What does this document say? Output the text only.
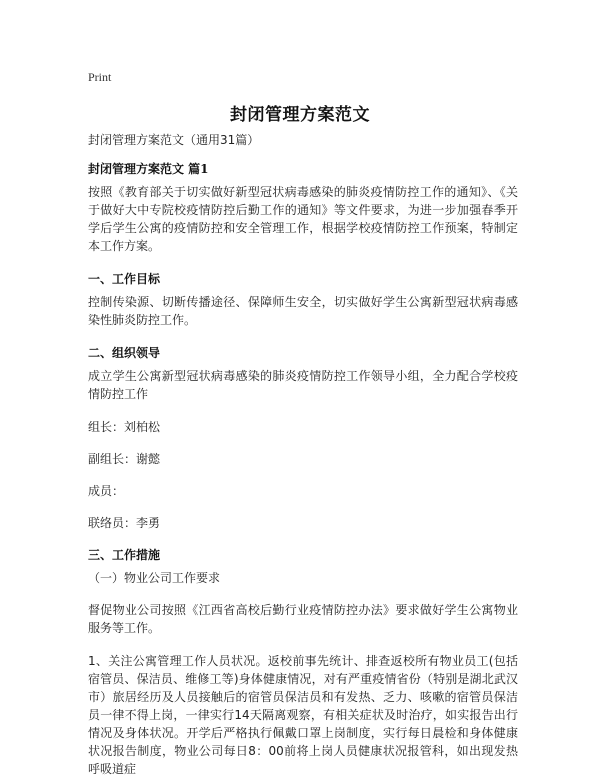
Print
封闭管理方案范文

封闭管理方案范文（通用31篇）

封闭管理方案范文 篇1

按照《教育部关于切实做好新型冠状病毒感染的肺炎疫情防控工作的通知》、《关于做好大中专院校疫情防控后勤工作的通知》等文件要求，为进一步加强春季开学后学生公寓的疫情防控和安全管理工作，根据学校疫情防控工作预案，特制定本工作方案。

一、工作目标

控制传染源、切断传播途径、保障师生安全，切实做好学生公寓新型冠状病毒感染性肺炎防控工作。

二、组织领导

成立学生公寓新型冠状病毒感染的肺炎疫情防控工作领导小组，全力配合学校疫情防控工作

组长：刘柏松

副组长：谢懿

成员：

联络员：李勇

三、工作措施

（一）物业公司工作要求

督促物业公司按照《江西省高校后勤行业疫情防控办法》要求做好学生公寓物业服务等工作。

1、关注公寓管理工作人员状况。返校前事先统计、排查返校所有物业员工(包括宿管员、保洁员、维修工等)身体健康情况，对有严重疫情省份（特别是湖北武汉市）旅居经历及人员接触后的宿管员保洁员和有发热、乏力、咳嗽的宿管员保洁员一律不得上岗，一律实行14天隔离观察，有相关症状及时治疗，如实报告出行情况及身体状况。开学后严格执行佩戴口罩上岗制度，实行每日晨检和身体健康状况报告制度，物业公司每日8：00前将上岗人员健康状况报管科，如出现发热呼吸道症
